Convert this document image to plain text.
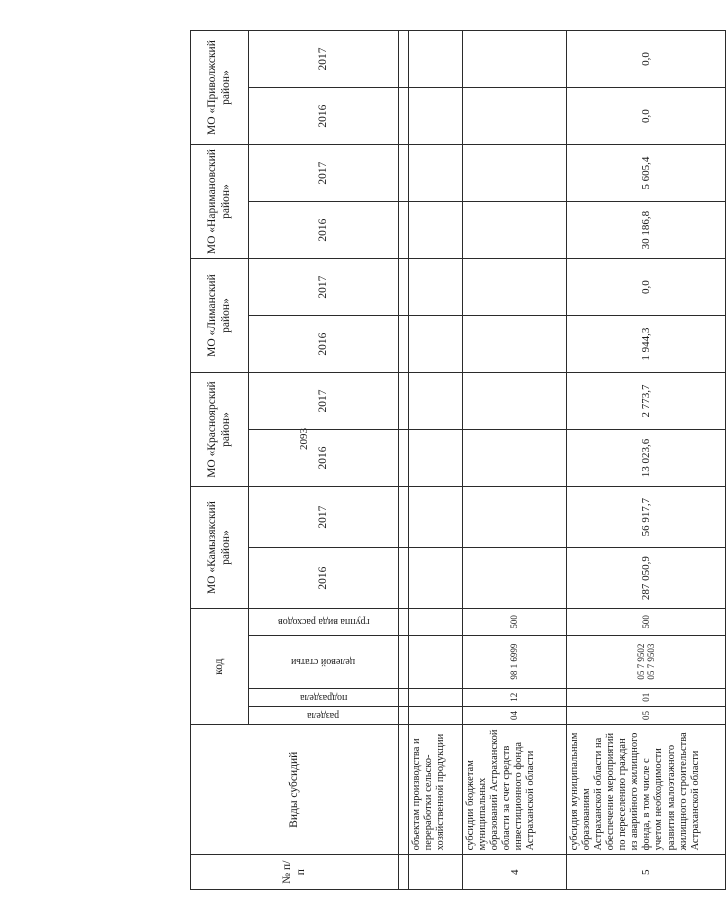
2093
№ п/п	Виды субсидий	код				МО «Камызякский район»		МО «Красноярский район»		МО «Лиманский район»		МО «Наримановский район»		МО «Приволжский район»	

		раздела	подраздела	целевой статьи	группа вида расходов	2016	2017	2016	2017	2016	2017	2016	2017	2016	2017

	объектам производства и переработки сельско-хозяйственной продукции														
4	субсидии бюджетам муниципальных образований Астраханской области за счет средств инвестиционного фонда Астраханской области	04	12	98 1 6999	500										
5	субсидия муниципальным образованиям Астраханской области на обеспечение мероприятий по переселению граждан из аварийного жилищного фонда, в том числе с учетом необходимости развития малоэтажного жилищного строительства Астраханской области	05	01	05 7 9502 05 7 9503	500	287 050,9	56 917,7	13 023,6	2 773,7	1 944,3	0,0	30 186,8	5 605,4	0,0	0,0
